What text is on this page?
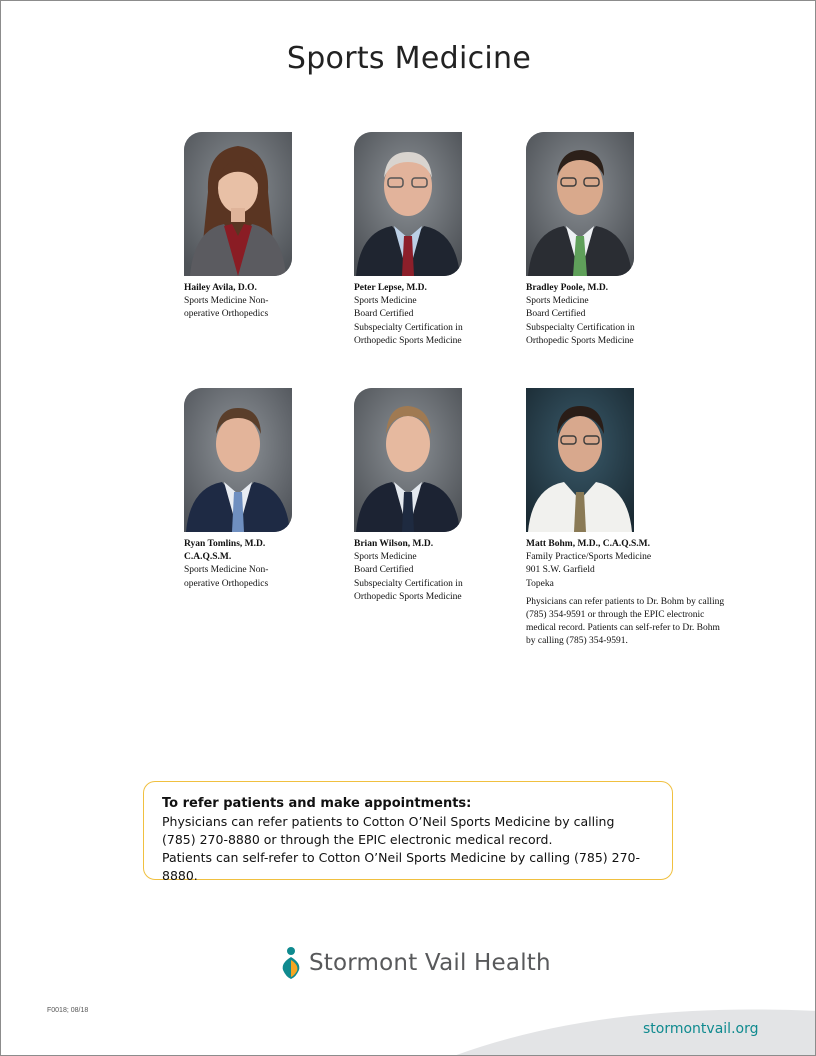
Sports Medicine
Hailey Avila, D.O.
Sports Medicine Non-
operative Orthopedics
Peter Lepse, M.D.
Sports Medicine
Board Certified
Subspecialty Certification in
Orthopedic Sports Medicine
Bradley Poole, M.D.
Sports Medicine
Board Certified
Subspecialty Certification in
Orthopedic Sports Medicine
Ryan Tomlins, M.D.
C.A.Q.S.M.
Sports Medicine Non-
operative Orthopedics
Brian Wilson, M.D.
Sports Medicine
Board Certified
Subspecialty Certification in
Orthopedic Sports Medicine
Matt Bohm, M.D., C.A.Q.S.M.
Family Practice/Sports Medicine
901 S.W. Garfield
Topeka
Physicians can refer patients to Dr. Bohm by calling
(785) 354-9591 or through the EPIC electronic
medical record. Patients can self-refer to Dr. Bohm
by calling (785) 354-9591.
To refer patients and make appointments:
Physicians can refer patients to Cotton O’Neil Sports Medicine by calling
(785) 270-8880 or through the EPIC electronic medical record.
Patients can self-refer to Cotton O’Neil Sports Medicine by calling (785) 270-8880.
Stormont Vail Health
F0018; 08/18
stormontvail.org
